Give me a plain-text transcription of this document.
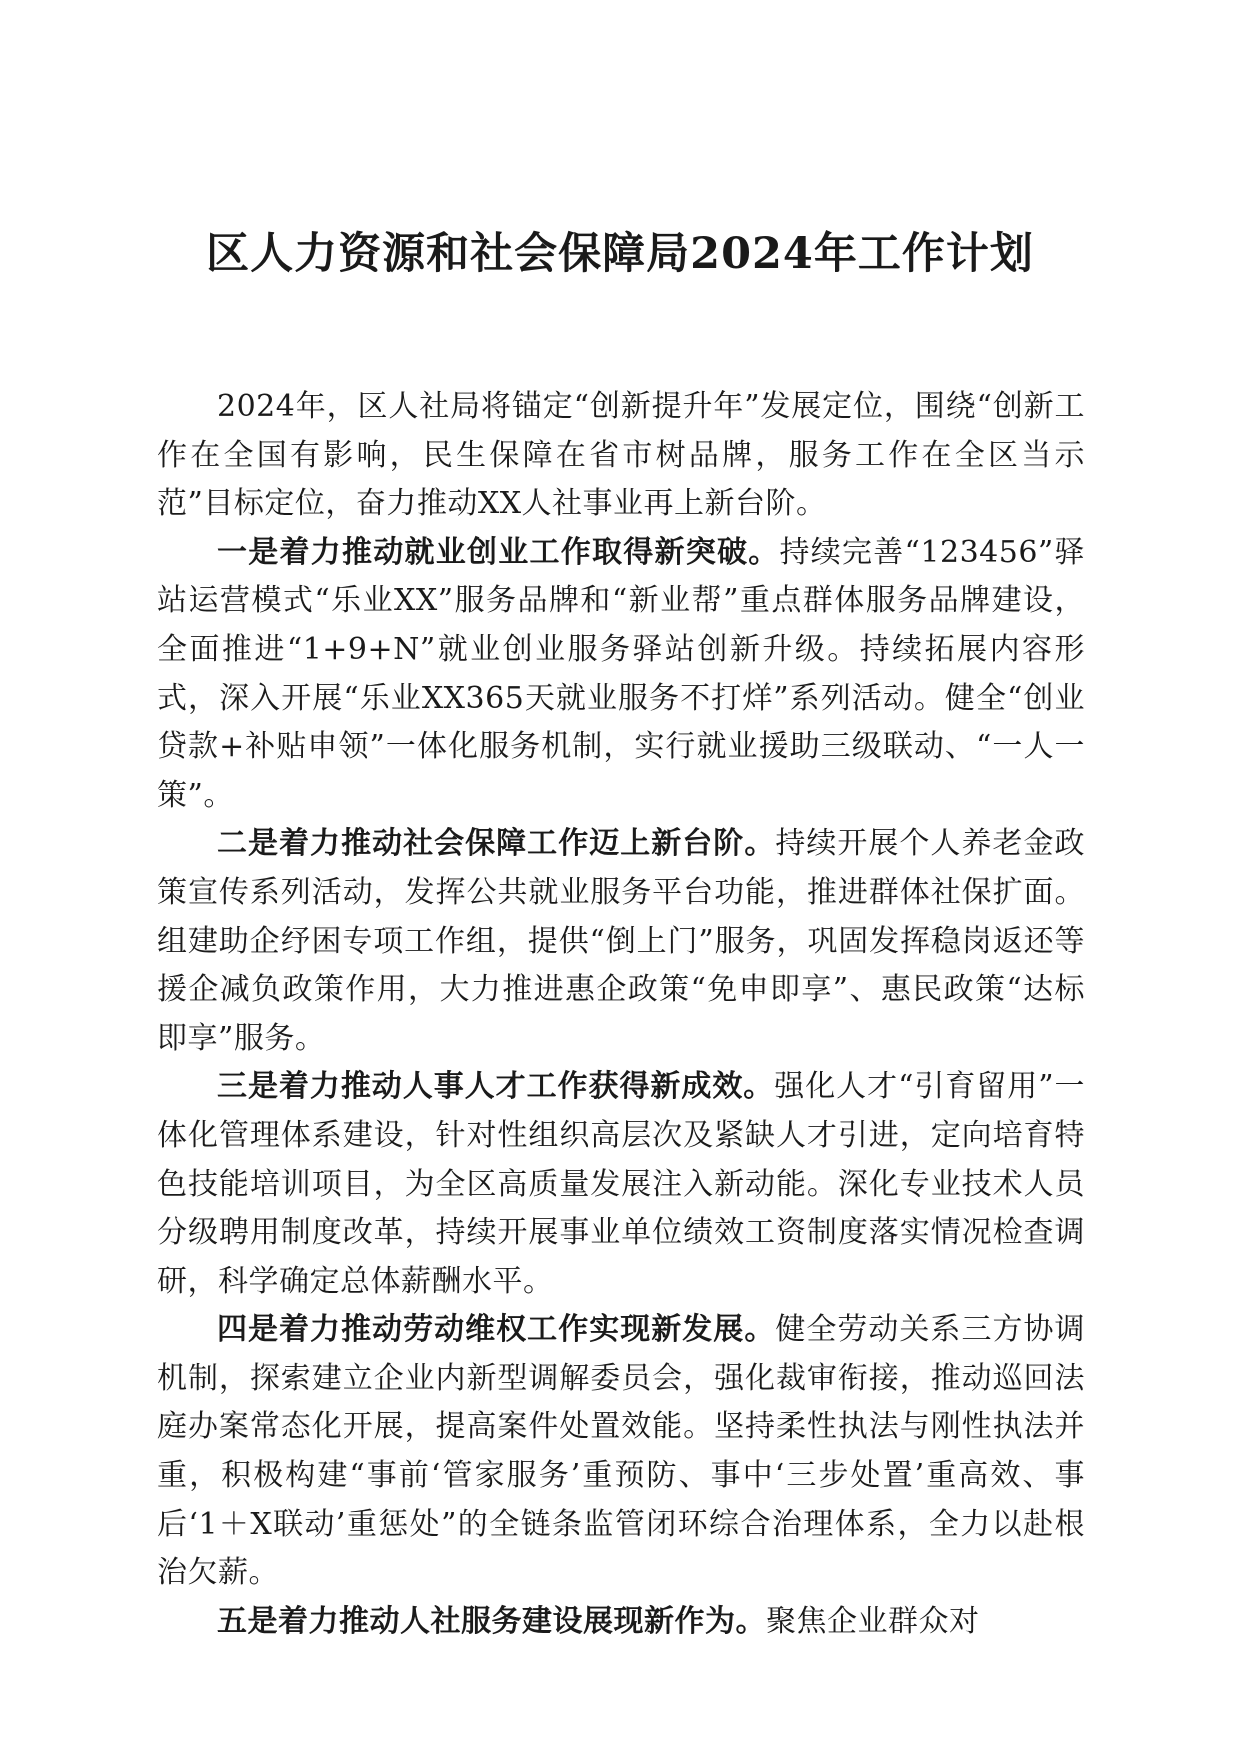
区人力资源和社会保障局2024年工作计划

2024年，区人社局将锚定“创新提升年”发展定位，围绕“创新工作在全国有影响，民生保障在省市树品牌，服务工作在全区当示范”目标定位，奋力推动XX人社事业再上新台阶。

一是着力推动就业创业工作取得新突破。持续完善“123456”驿站运营模式“乐业XX”服务品牌和“新业帮”重点群体服务品牌建设，全面推进“1+9+N”就业创业服务驿站创新升级。持续拓展内容形式，深入开展“乐业XX365天就业服务不打烊”系列活动。健全“创业贷款+补贴申领”一体化服务机制，实行就业援助三级联动、“一人一策”。

二是着力推动社会保障工作迈上新台阶。持续开展个人养老金政策宣传系列活动，发挥公共就业服务平台功能，推进群体社保扩面。组建助企纾困专项工作组，提供“倒上门”服务，巩固发挥稳岗返还等援企减负政策作用，大力推进惠企政策“免申即享”、惠民政策“达标即享”服务。

三是着力推动人事人才工作获得新成效。强化人才“引育留用”一体化管理体系建设，针对性组织高层次及紧缺人才引进，定向培育特色技能培训项目，为全区高质量发展注入新动能。深化专业技术人员分级聘用制度改革，持续开展事业单位绩效工资制度落实情况检查调研，科学确定总体薪酬水平。

四是着力推动劳动维权工作实现新发展。健全劳动关系三方协调机制，探索建立企业内新型调解委员会，强化裁审衔接，推动巡回法庭办案常态化开展，提高案件处置效能。坚持柔性执法与刚性执法并重，积极构建“事前‘管家服务’重预防、事中‘三步处置’重高效、事后‘1＋X联动’重惩处”的全链条监管闭环综合治理体系，全力以赴根治欠薪。

五是着力推动人社服务建设展现新作为。聚焦企业群众对
